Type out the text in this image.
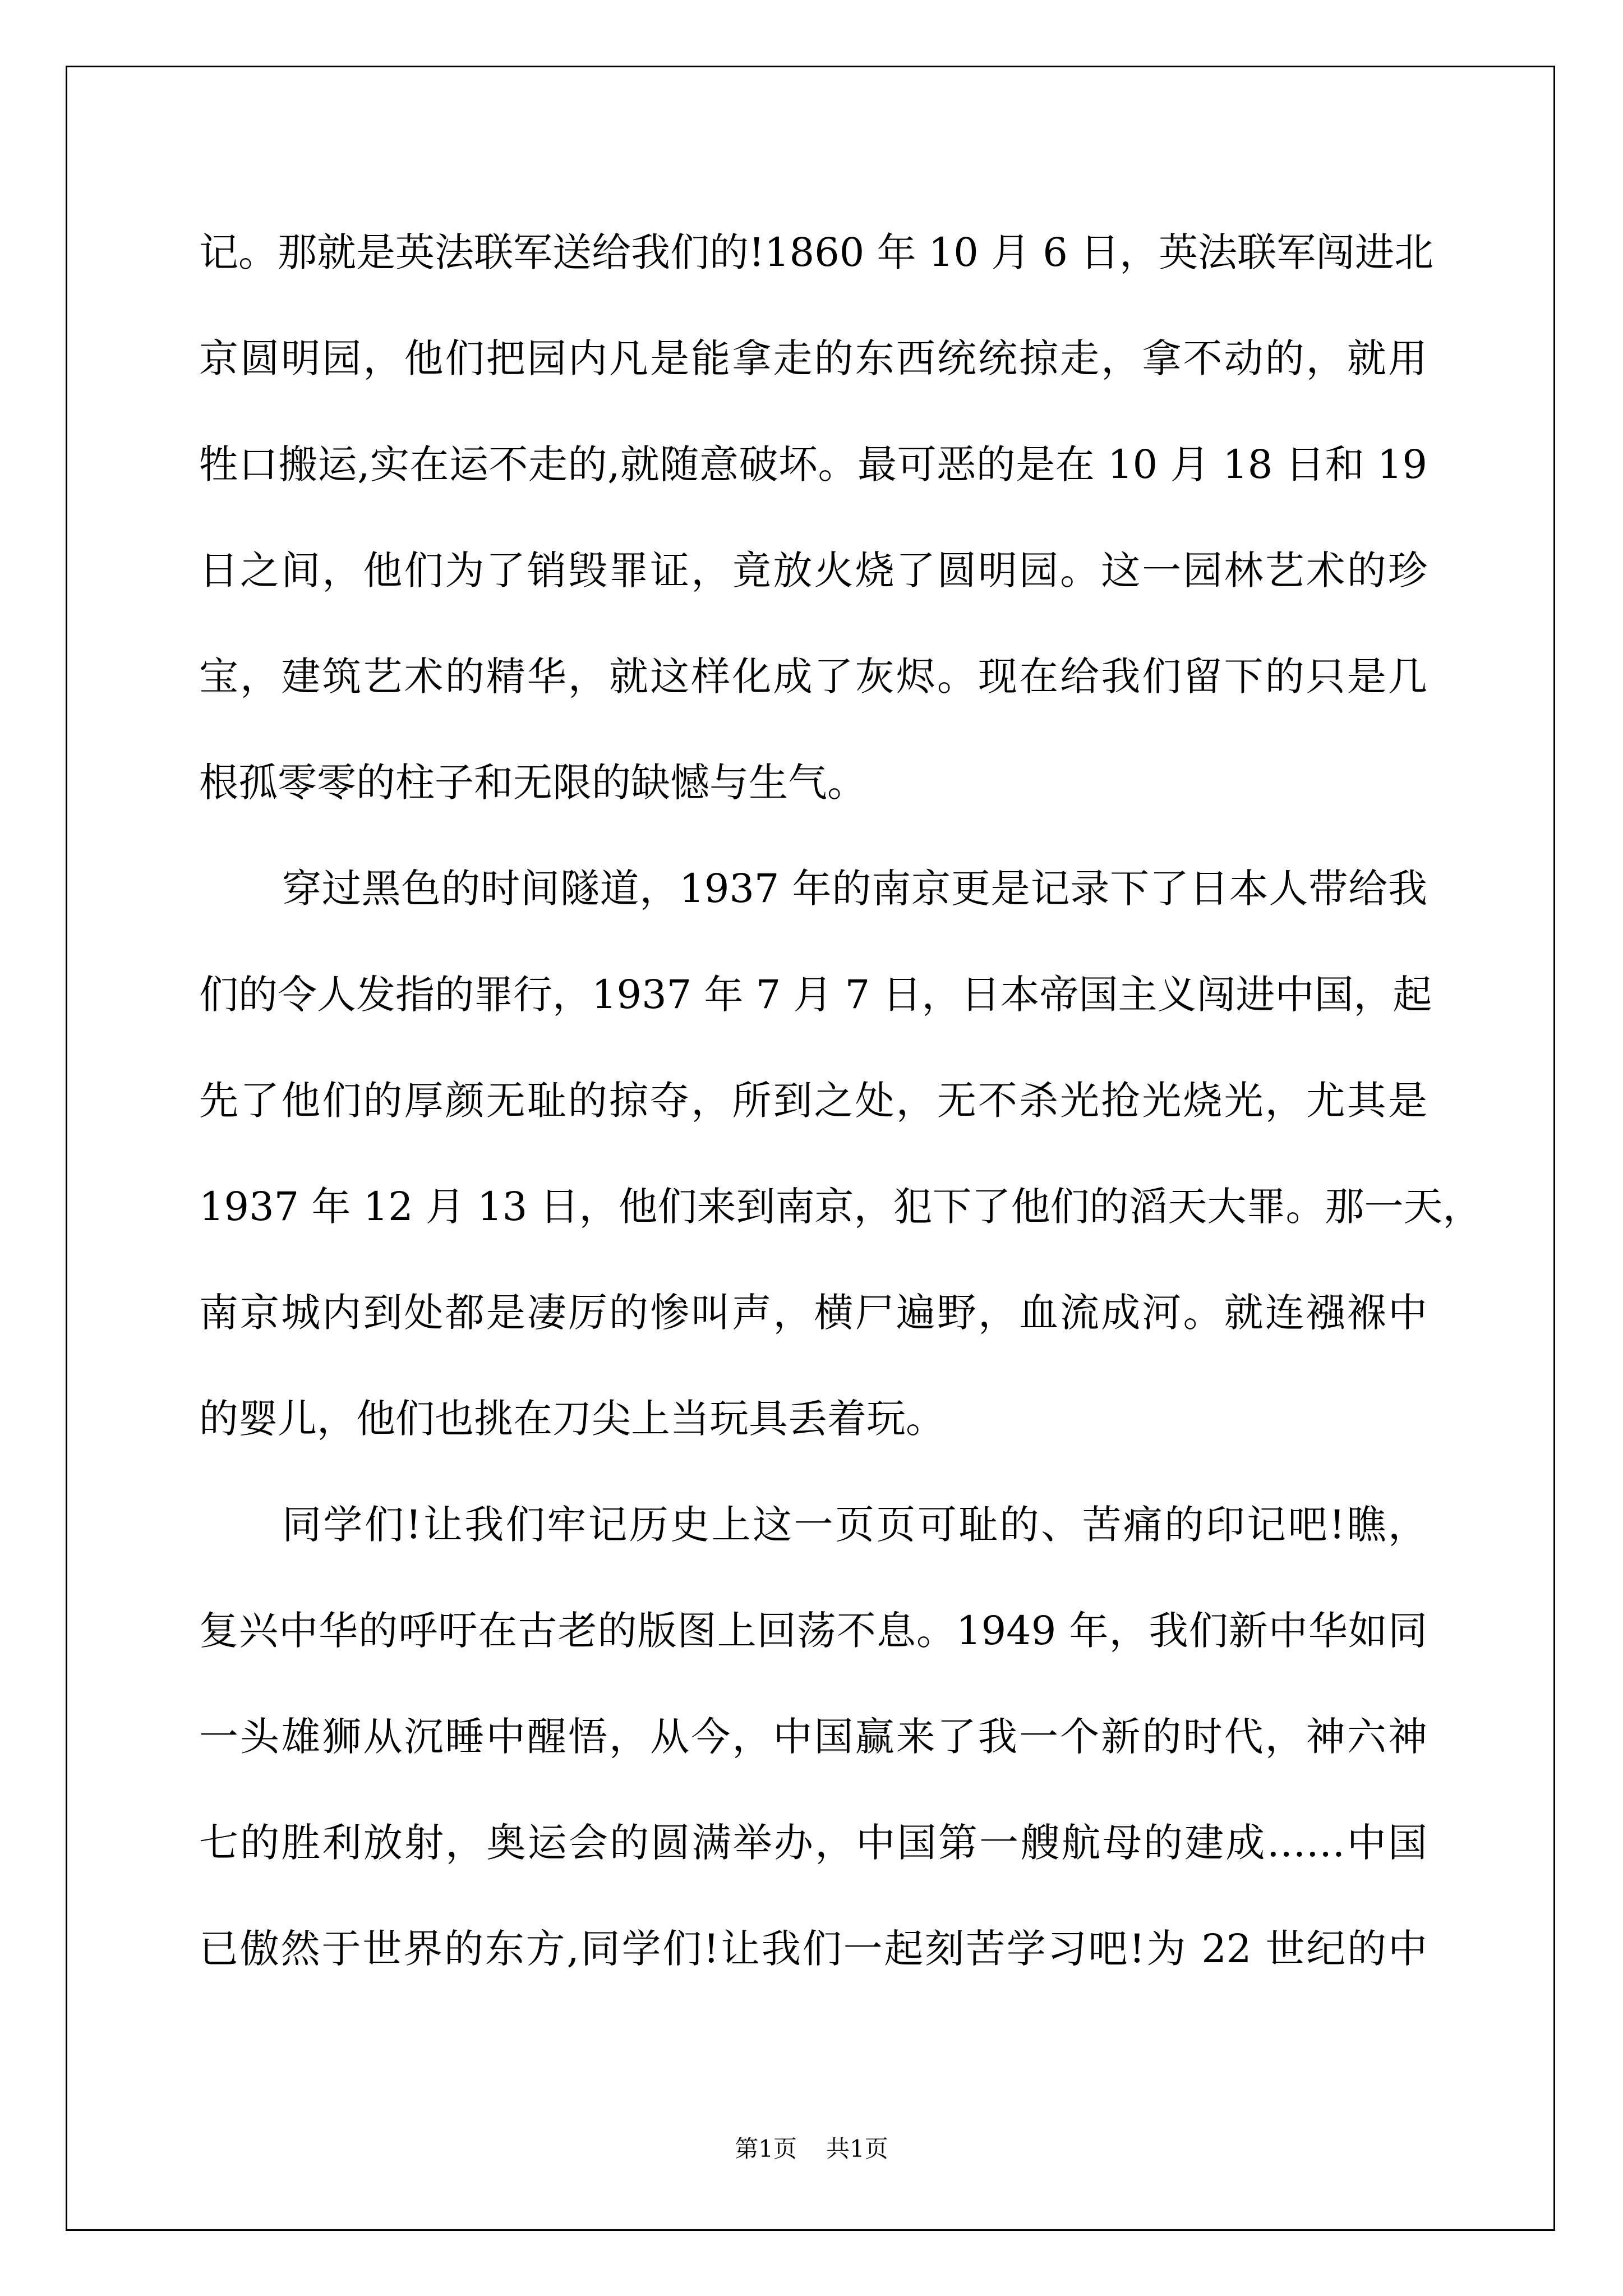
记。那就是英法联军送给我们的!1860 年 10 月 6 日，英法联军闯进北
京圆明园，他们把园内凡是能拿走的东西统统掠走，拿不动的，就用
牲口搬运,实在运不走的,就随意破坏。最可恶的是在 10 月 18 日和 19
日之间，他们为了销毁罪证，竟放火烧了圆明园。这一园林艺术的珍
宝，建筑艺术的精华，就这样化成了灰烬。现在给我们留下的只是几
根孤零零的柱子和无限的缺憾与生气。
穿过黑色的时间隧道，1937 年的南京更是记录下了日本人带给我
们的令人发指的罪行，1937 年 7 月 7 日，日本帝国主义闯进中国，起
先了他们的厚颜无耻的掠夺，所到之处，无不杀光抢光烧光，尤其是
1937 年 12 月 13 日，他们来到南京，犯下了他们的滔天大罪。那一天，
南京城内到处都是凄厉的惨叫声，横尸遍野，血流成河。就连襁褓中
的婴儿，他们也挑在刀尖上当玩具丢着玩。
同学们!让我们牢记历史上这一页页可耻的、苦痛的印记吧!瞧，
复兴中华的呼吁在古老的版图上回荡不息。1949 年，我们新中华如同
一头雄狮从沉睡中醒悟，从今，中国赢来了我一个新的时代，神六神
七的胜利放射，奥运会的圆满举办，中国第一艘航母的建成……中国
已傲然于世界的东方,同学们!让我们一起刻苦学习吧!为 22 世纪的中
第1页 共1页
